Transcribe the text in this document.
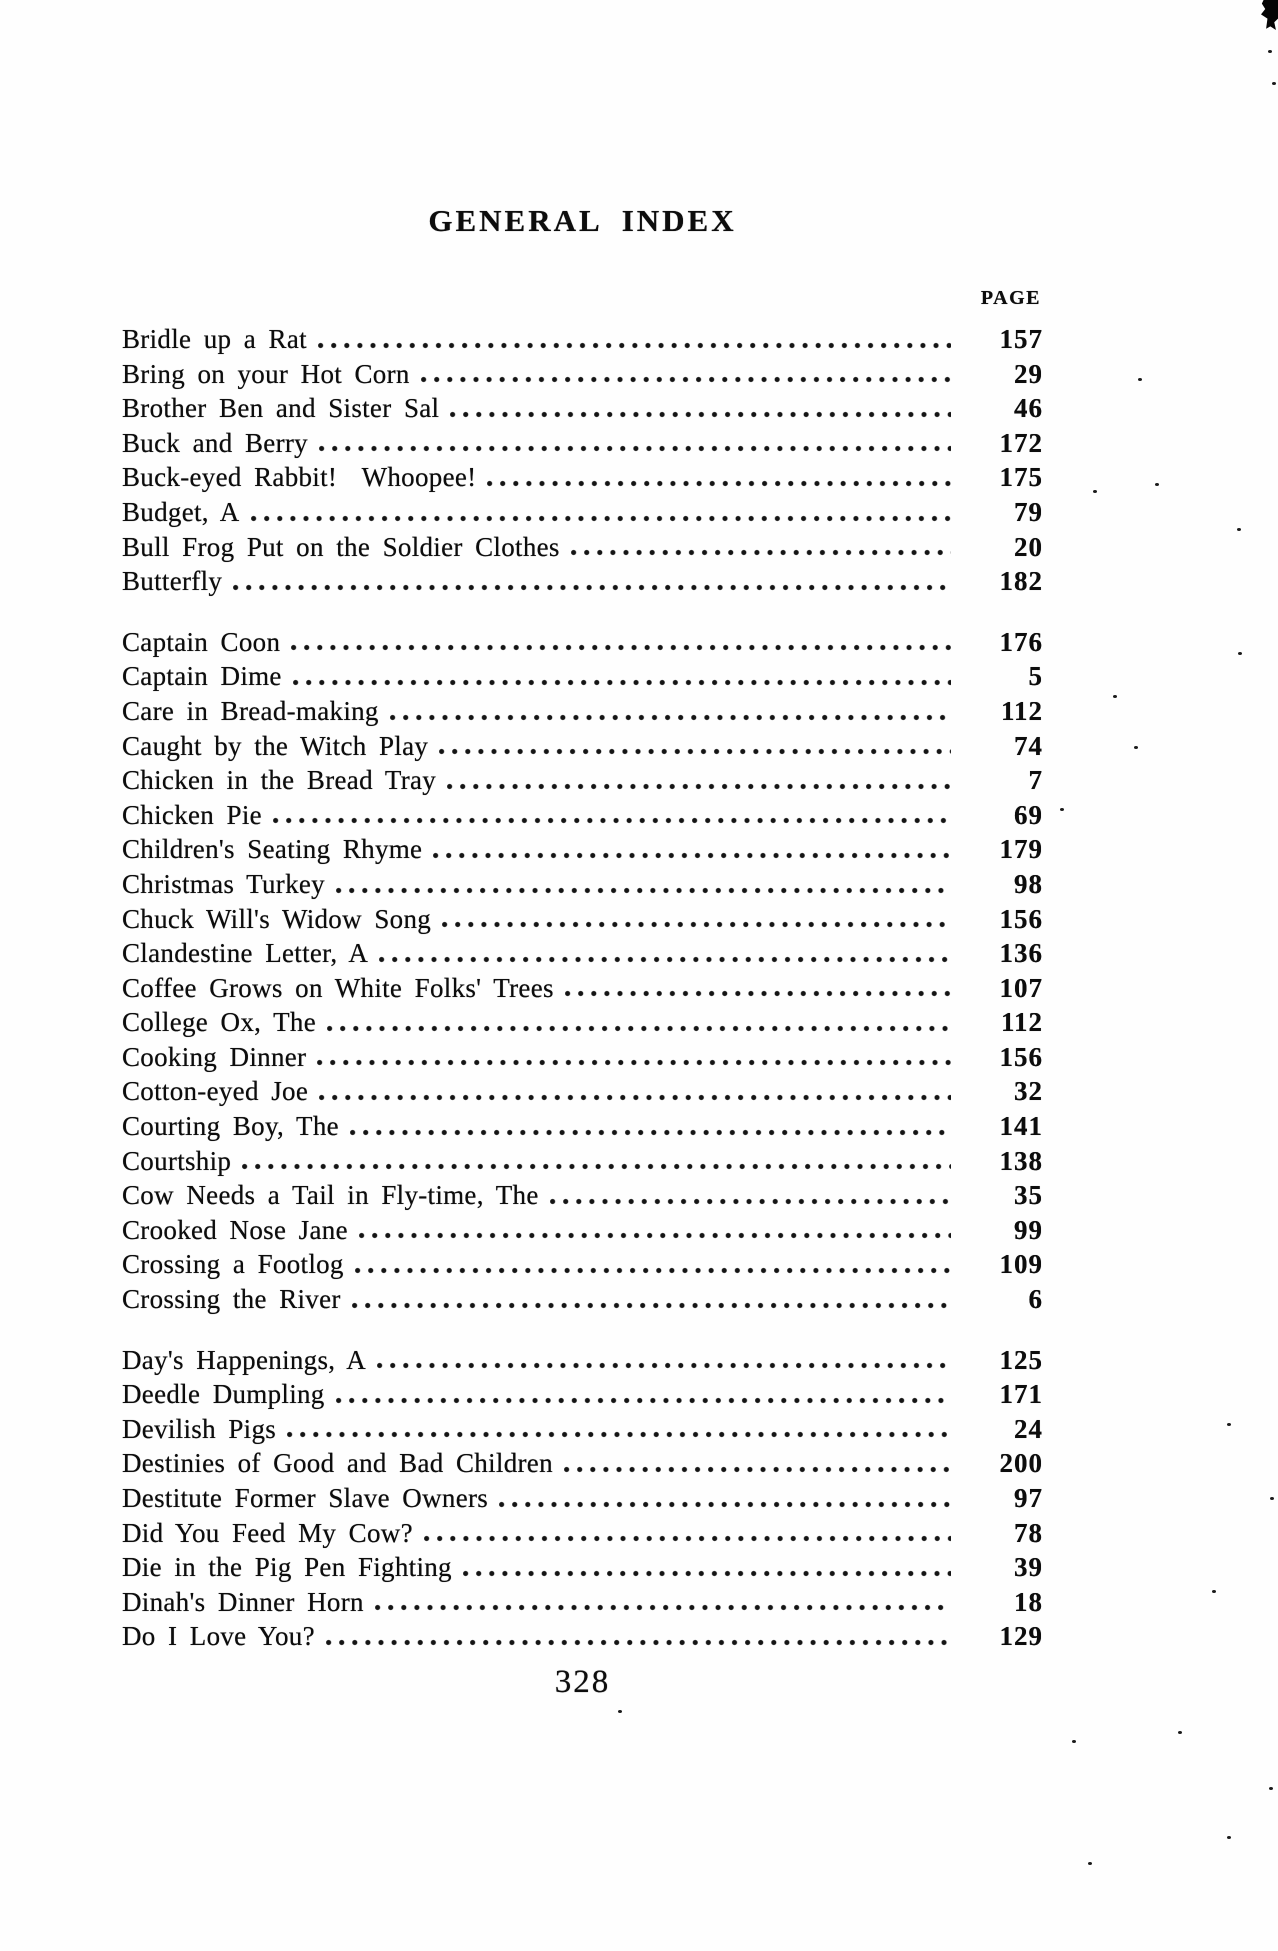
GENERAL INDEX
PAGE
Bridle up a Rat	157
Bring on your Hot Corn	29
Brother Ben and Sister Sal	46
Buck and Berry	172
Buck-eyed Rabbit!  Whoopee!	175
Budget, A	79
Bull Frog Put on the Soldier Clothes	20
Butterfly	182
Captain Coon	176
Captain Dime	5
Care in Bread-making	112
Caught by the Witch Play	74
Chicken in the Bread Tray	7
Chicken Pie	69
Children's Seating Rhyme	179
Christmas Turkey	98
Chuck Will's Widow Song	156
Clandestine Letter, A	136
Coffee Grows on White Folks' Trees	107
College Ox, The	112
Cooking Dinner	156
Cotton-eyed Joe	32
Courting Boy, The	141
Courtship	138
Cow Needs a Tail in Fly-time, The	35
Crooked Nose Jane	99
Crossing a Footlog	109
Crossing the River	6
Day's Happenings, A	125
Deedle Dumpling	171
Devilish Pigs	24
Destinies of Good and Bad Children	200
Destitute Former Slave Owners	97
Did You Feed My Cow?	78
Die in the Pig Pen Fighting	39
Dinah's Dinner Horn	18
Do I Love You?	129
328
